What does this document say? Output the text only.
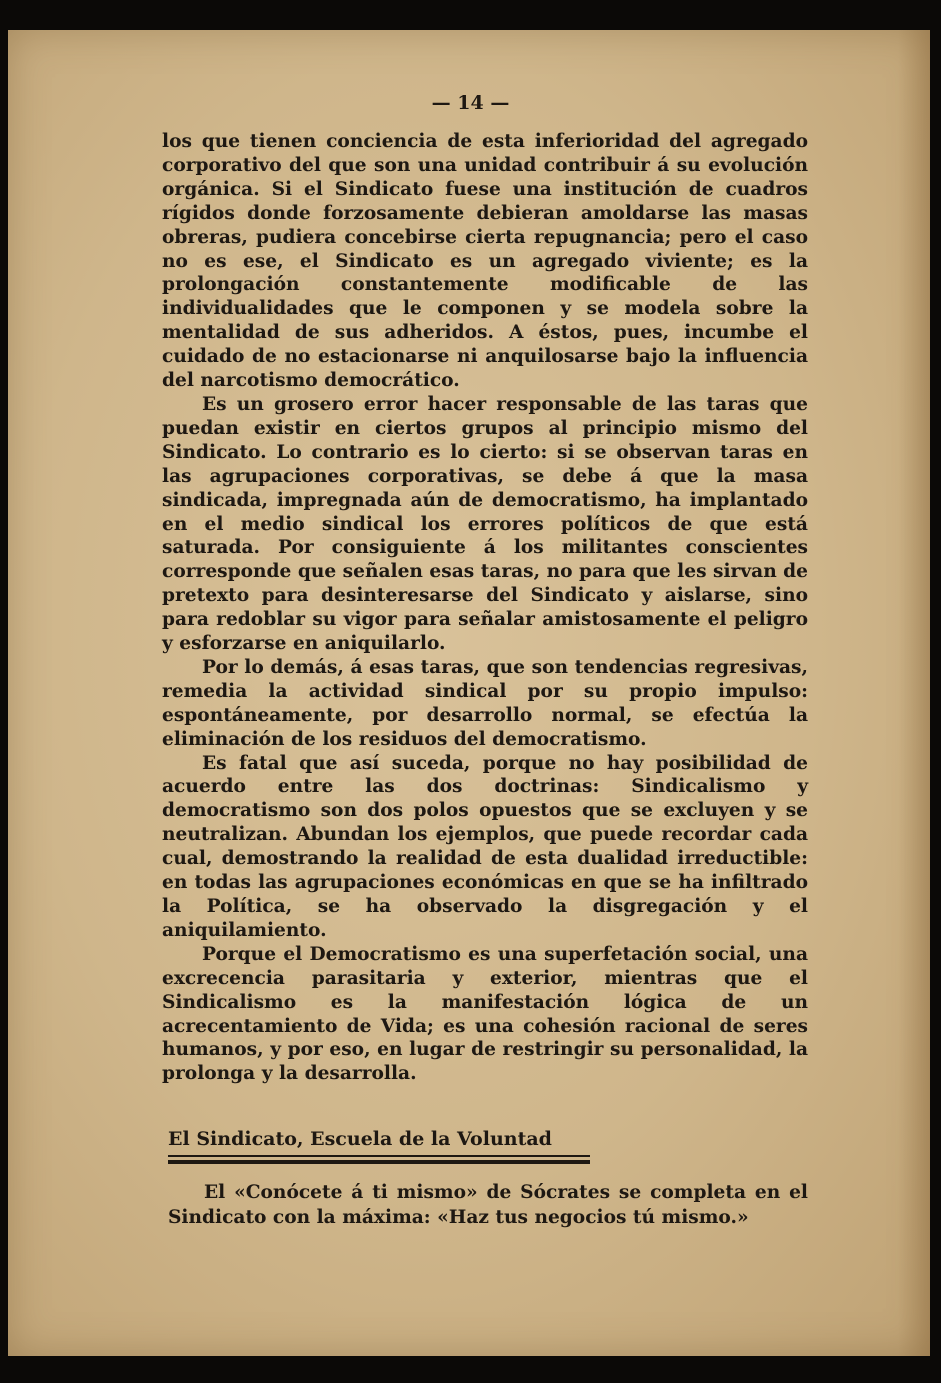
— 14 —

los que tienen conciencia de esta inferioridad del agregado corporativo del que son una unidad contribuir á su evolución orgánica. Si el Sindicato fuese una institución de cuadros rígidos donde forzosamente debieran amoldarse las masas obreras, pudiera concebirse cierta repugnancia; pero el caso no es ese, el Sindicato es un agregado viviente; es la prolongación constantemente modificable de las individualidades que le componen y se modela sobre la mentalidad de sus adheridos. A éstos, pues, incumbe el cuidado de no estacionarse ni anquilosarse bajo la influencia del narcotismo democrático.

Es un grosero error hacer responsable de las taras que puedan existir en ciertos grupos al principio mismo del Sindicato. Lo contrario es lo cierto: si se observan taras en las agrupaciones corporativas, se debe á que la masa sindicada, impregnada aún de democratismo, ha implantado en el medio sindical los errores políticos de que está saturada. Por consiguiente á los militantes conscientes corresponde que señalen esas taras, no para que les sirvan de pretexto para desinteresarse del Sindicato y aislarse, sino para redoblar su vigor para señalar amistosamente el peligro y esforzarse en aniquilarlo.

Por lo demás, á esas taras, que son tendencias regresivas, remedia la actividad sindical por su propio impulso: espontáneamente, por desarrollo normal, se efectúa la eliminación de los residuos del democratismo.

Es fatal que así suceda, porque no hay posibilidad de acuerdo entre las dos doctrinas: Sindicalismo y democratismo son dos polos opuestos que se excluyen y se neutralizan. Abundan los ejemplos, que puede recordar cada cual, demostrando la realidad de esta dualidad irreductible: en todas las agrupaciones económicas en que se ha infiltrado la Política, se ha observado la disgregación y el aniquilamiento.

Porque el Democratismo es una superfetación social, una excrecencia parasitaria y exterior, mientras que el Sindicalismo es la manifestación lógica de un acrecentamiento de Vida; es una cohesión racional de seres humanos, y por eso, en lugar de restringir su personalidad, la prolonga y la desarrolla.

El Sindicato, Escuela de la Voluntad

El «Conócete á ti mismo» de Sócrates se completa en el Sindicato con la máxima: «Haz tus negocios tú mismo.»
